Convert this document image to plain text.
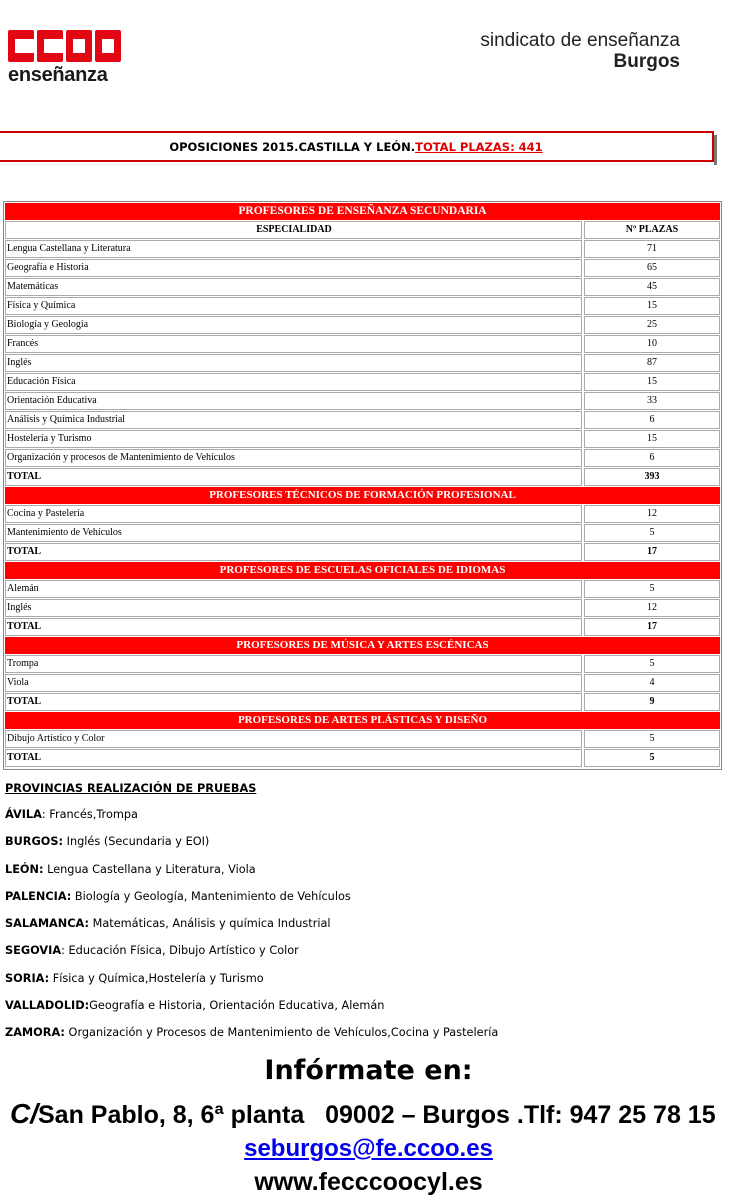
enseñanza
sindicato de enseñanza
Burgos
OPOSICIONES 2015.CASTILLA Y LEÓN. TOTAL PLAZAS: 441
PROFESORES DE ENSEÑANZA SECUNDARIA
ESPECIALIDAD	Nº PLAZAS
Lengua Castellana y Literatura	71
Geografía e Historia	65
Matemáticas	45
Física y Química	15
Biología y Geología	25
Francés	10
Inglés	87
Educación Física	15
Orientación Educativa	33
Análisis y Química Industrial	6
Hostelería y Turismo	15
Organización y procesos de Mantenimiento de Vehículos	6
TOTAL	393
PROFESORES TÉCNICOS DE FORMACIÓN PROFESIONAL
Cocina y Pastelería	12
Mantenimiento de Vehículos	5
TOTAL	17
PROFESORES DE ESCUELAS OFICIALES DE IDIOMAS
Alemán	5
Inglés	12
TOTAL	17
PROFESORES DE MÚSICA Y ARTES ESCÉNICAS
Trompa	5
Viola	4
TOTAL	9
PROFESORES DE ARTES PLÁSTICAS Y DISEÑO
Dibujo Artístico y Color	5
TOTAL	5
PROVINCIAS REALIZACIÓN DE PRUEBAS
ÁVILA: Francés,Trompa
BURGOS: Inglés (Secundaria y EOI)
LEÓN: Lengua Castellana y Literatura, Viola
PALENCIA: Biología y Geología, Mantenimiento de Vehículos
SALAMANCA: Matemáticas, Análisis y química Industrial
SEGOVIA: Educación Física, Dibujo Artístico y Color
SORIA: Física y Química,Hostelería y Turismo
VALLADOLID:Geografía e Historia, Orientación Educativa, Alemán
ZAMORA: Organización y Procesos de Mantenimiento de Vehículos,Cocina y Pastelería
Infórmate en:
C/San Pablo, 8, 6ª planta   09002 – Burgos .Tlf: 947 25 78 15
seburgos@fe.ccoo.es
www.fecccoocyl.es
